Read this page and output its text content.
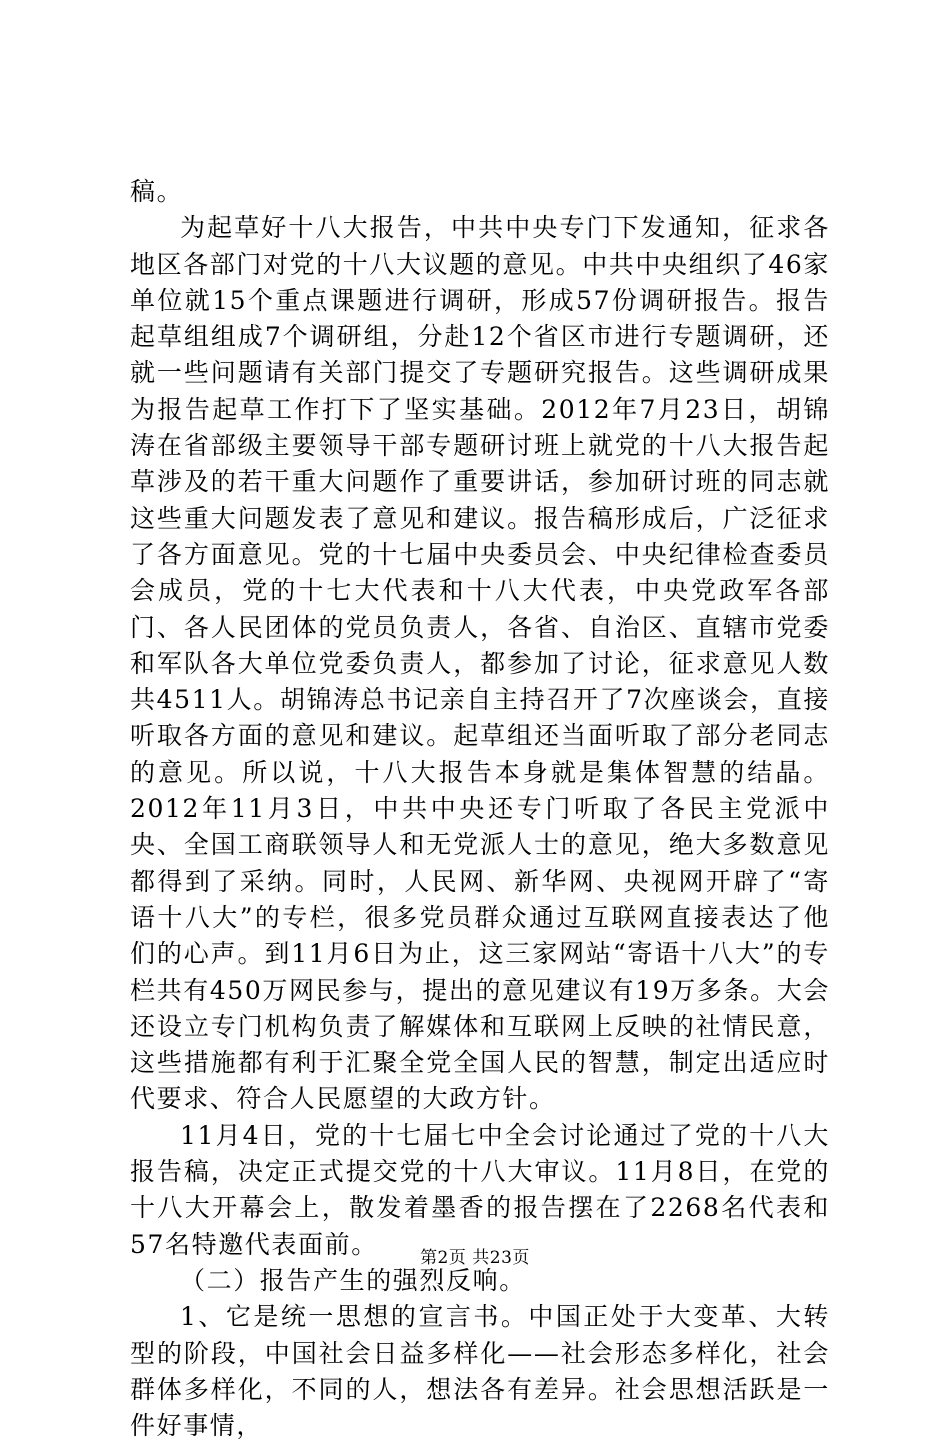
稿。

为起草好十八大报告，中共中央专门下发通知，征求各地区各部门对党的十八大议题的意见。中共中央组织了46家单位就15个重点课题进行调研，形成57份调研报告。报告起草组组成7个调研组，分赴12个省区市进行专题调研，还就一些问题请有关部门提交了专题研究报告。这些调研成果为报告起草工作打下了坚实基础。2012年7月23日，胡锦涛在省部级主要领导干部专题研讨班上就党的十八大报告起草涉及的若干重大问题作了重要讲话，参加研讨班的同志就这些重大问题发表了意见和建议。报告稿形成后，广泛征求了各方面意见。党的十七届中央委员会、中央纪律检查委员会成员，党的十七大代表和十八大代表，中央党政军各部门、各人民团体的党员负责人，各省、自治区、直辖市党委和军队各大单位党委负责人，都参加了讨论，征求意见人数共4511人。胡锦涛总书记亲自主持召开了7次座谈会，直接听取各方面的意见和建议。起草组还当面听取了部分老同志的意见。所以说，十八大报告本身就是集体智慧的结晶。2012年11月3日，中共中央还专门听取了各民主党派中央、全国工商联领导人和无党派人士的意见，绝大多数意见都得到了采纳。同时，人民网、新华网、央视网开辟了“寄语十八大”的专栏，很多党员群众通过互联网直接表达了他们的心声。到11月6日为止，这三家网站“寄语十八大”的专栏共有450万网民参与，提出的意见建议有19万多条。大会还设立专门机构负责了解媒体和互联网上反映的社情民意，这些措施都有利于汇聚全党全国人民的智慧，制定出适应时代要求、符合人民愿望的大政方针。

11月4日，党的十七届七中全会讨论通过了党的十八大报告稿，决定正式提交党的十八大审议。11月8日，在党的十八大开幕会上，散发着墨香的报告摆在了2268名代表和57名特邀代表面前。

（二）报告产生的强烈反响。

1、它是统一思想的宣言书。中国正处于大变革、大转型的阶段，中国社会日益多样化——社会形态多样化，社会群体多样化，不同的人，想法各有差异。社会思想活跃是一件好事情，

第2页 共23页
